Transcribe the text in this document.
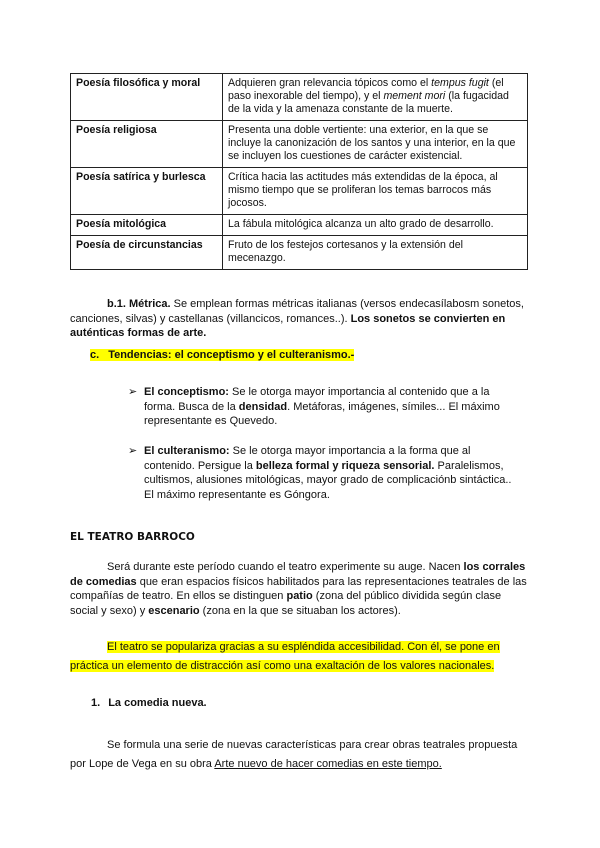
Poesía filosófica y moral	Adquieren gran relevancia tópicos como el tempus fugit (el paso inexorable del tiempo), y el mement mori (la fugacidad de la vida y la amenaza constante de la muerte.
Poesía religiosa	Presenta una doble vertiente: una exterior, en la que se incluye la canonización de los santos y una interior, en la que se incluyen los cuestiones de carácter existencial.
Poesía satírica y burlesca	Crítica hacia las actitudes más extendidas de la época, al mismo tiempo que se proliferan los temas barrocos más jocosos.
Poesía mitológica	La fábula mitológica alcanza un alto grado de desarrollo.
Poesía de circunstancias	Fruto de los festejos cortesanos y la extensión del mecenazgo.
b.1. Métrica. Se emplean formas métricas italianas (versos endecasílabosm sonetos, canciones, silvas) y castellanas (villancicos, romances..). Los sonetos se convierten en auténticas formas de arte.
c. Tendencias: el conceptismo y el culteranismo.-
➢ El conceptismo: Se le otorga mayor importancia al contenido que a la forma. Busca de la densidad. Metáforas, imágenes, símiles... El máximo representante es Quevedo.
➢ El culteranismo: Se le otorga mayor importancia a la forma que al contenido. Persigue la belleza formal y riqueza sensorial. Paralelismos, cultismos, alusiones mitológicas, mayor grado de complicaciónb sintáctica.. El máximo representante es Góngora.
EL TEATRO BARROCO
Será durante este período cuando el teatro experimente su auge. Nacen los corrales de comedias que eran espacios físicos habilitados para las representaciones teatrales de las compañías de teatro. En ellos se distinguen patio (zona del público dividida según clase social y sexo) y escenario (zona en la que se situaban los actores).
El teatro se populariza gracias a su espléndida accesibilidad. Con él, se pone en práctica un elemento de distracción así como una exaltación de los valores nacionales.
1. La comedia nueva.
Se formula una serie de nuevas características para crear obras teatrales propuesta por Lope de Vega en su obra Arte nuevo de hacer comedias en este tiempo.
